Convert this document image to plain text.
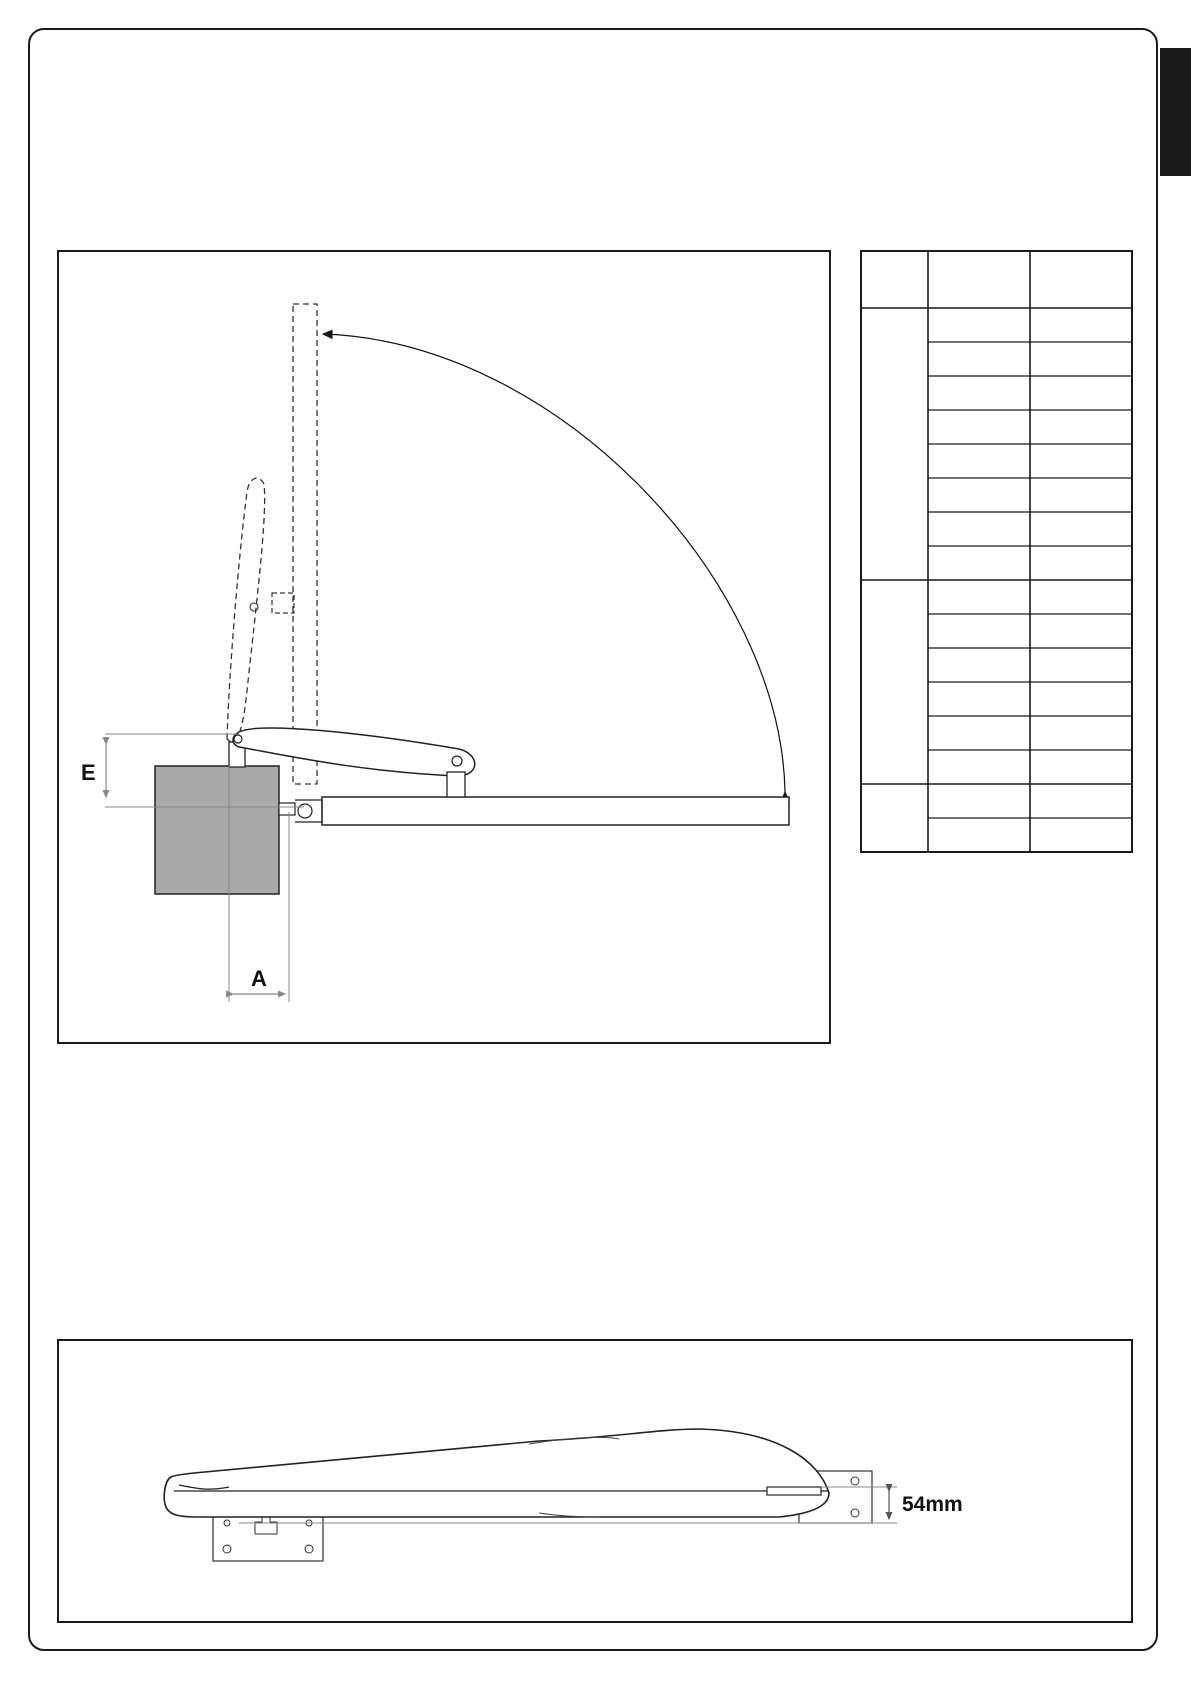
E
A
54mm
